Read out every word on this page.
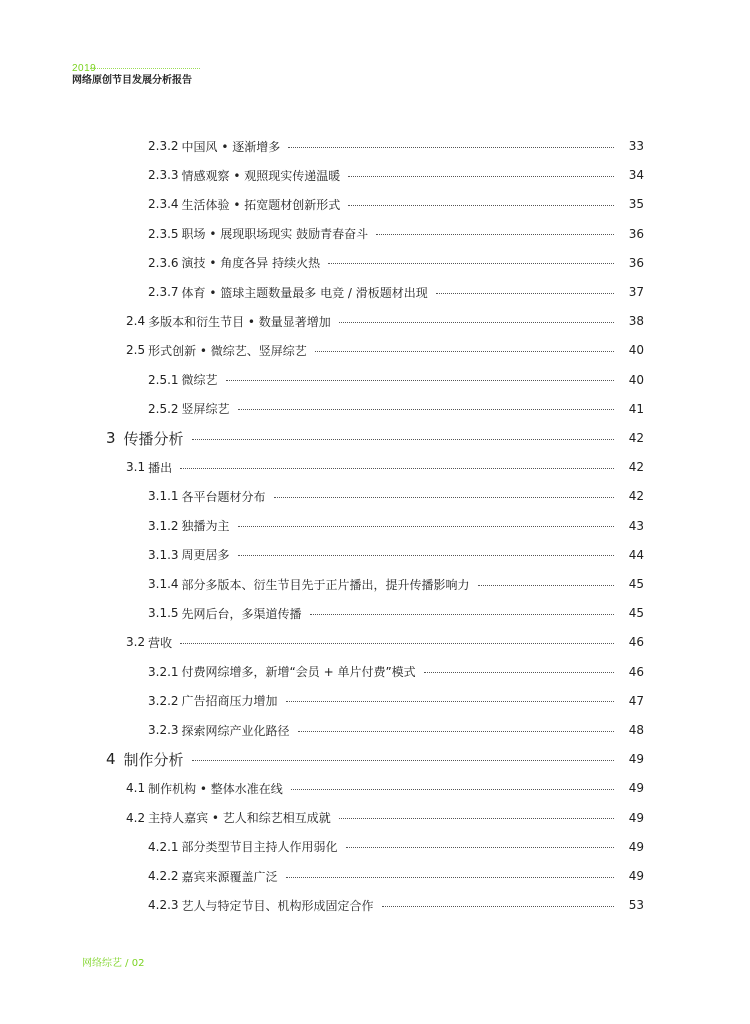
2019
网络原创节目发展分析报告
2.3.2 中国风 • 逐渐增多	33
2.3.3 情感观察 • 观照现实传递温暖	34
2.3.4 生活体验 • 拓宽题材创新形式	35
2.3.5 职场 • 展现职场现实 鼓励青春奋斗	36
2.3.6 演技 • 角度各异 持续火热	36
2.3.7 体育 • 篮球主题数量最多 电竞 / 滑板题材出现	37
2.4 多版本和衍生节目 • 数量显著增加	38
2.5 形式创新 • 微综艺、竖屏综艺	40
2.5.1 微综艺	40
2.5.2 竖屏综艺	41
3 传播分析	42
3.1 播出	42
3.1.1 各平台题材分布	42
3.1.2 独播为主	43
3.1.3 周更居多	44
3.1.4 部分多版本、衍生节目先于正片播出，提升传播影响力	45
3.1.5 先网后台，多渠道传播	45
3.2 营收	46
3.2.1 付费网综增多，新增“会员 + 单片付费”模式	46
3.2.2 广告招商压力增加	47
3.2.3 探索网综产业化路径	48
4 制作分析	49
4.1 制作机构 • 整体水准在线	49
4.2 主持人嘉宾 • 艺人和综艺相互成就	49
4.2.1 部分类型节目主持人作用弱化	49
4.2.2 嘉宾来源覆盖广泛	49
4.2.3 艺人与特定节目、机构形成固定合作	53
网络综艺 / 02
